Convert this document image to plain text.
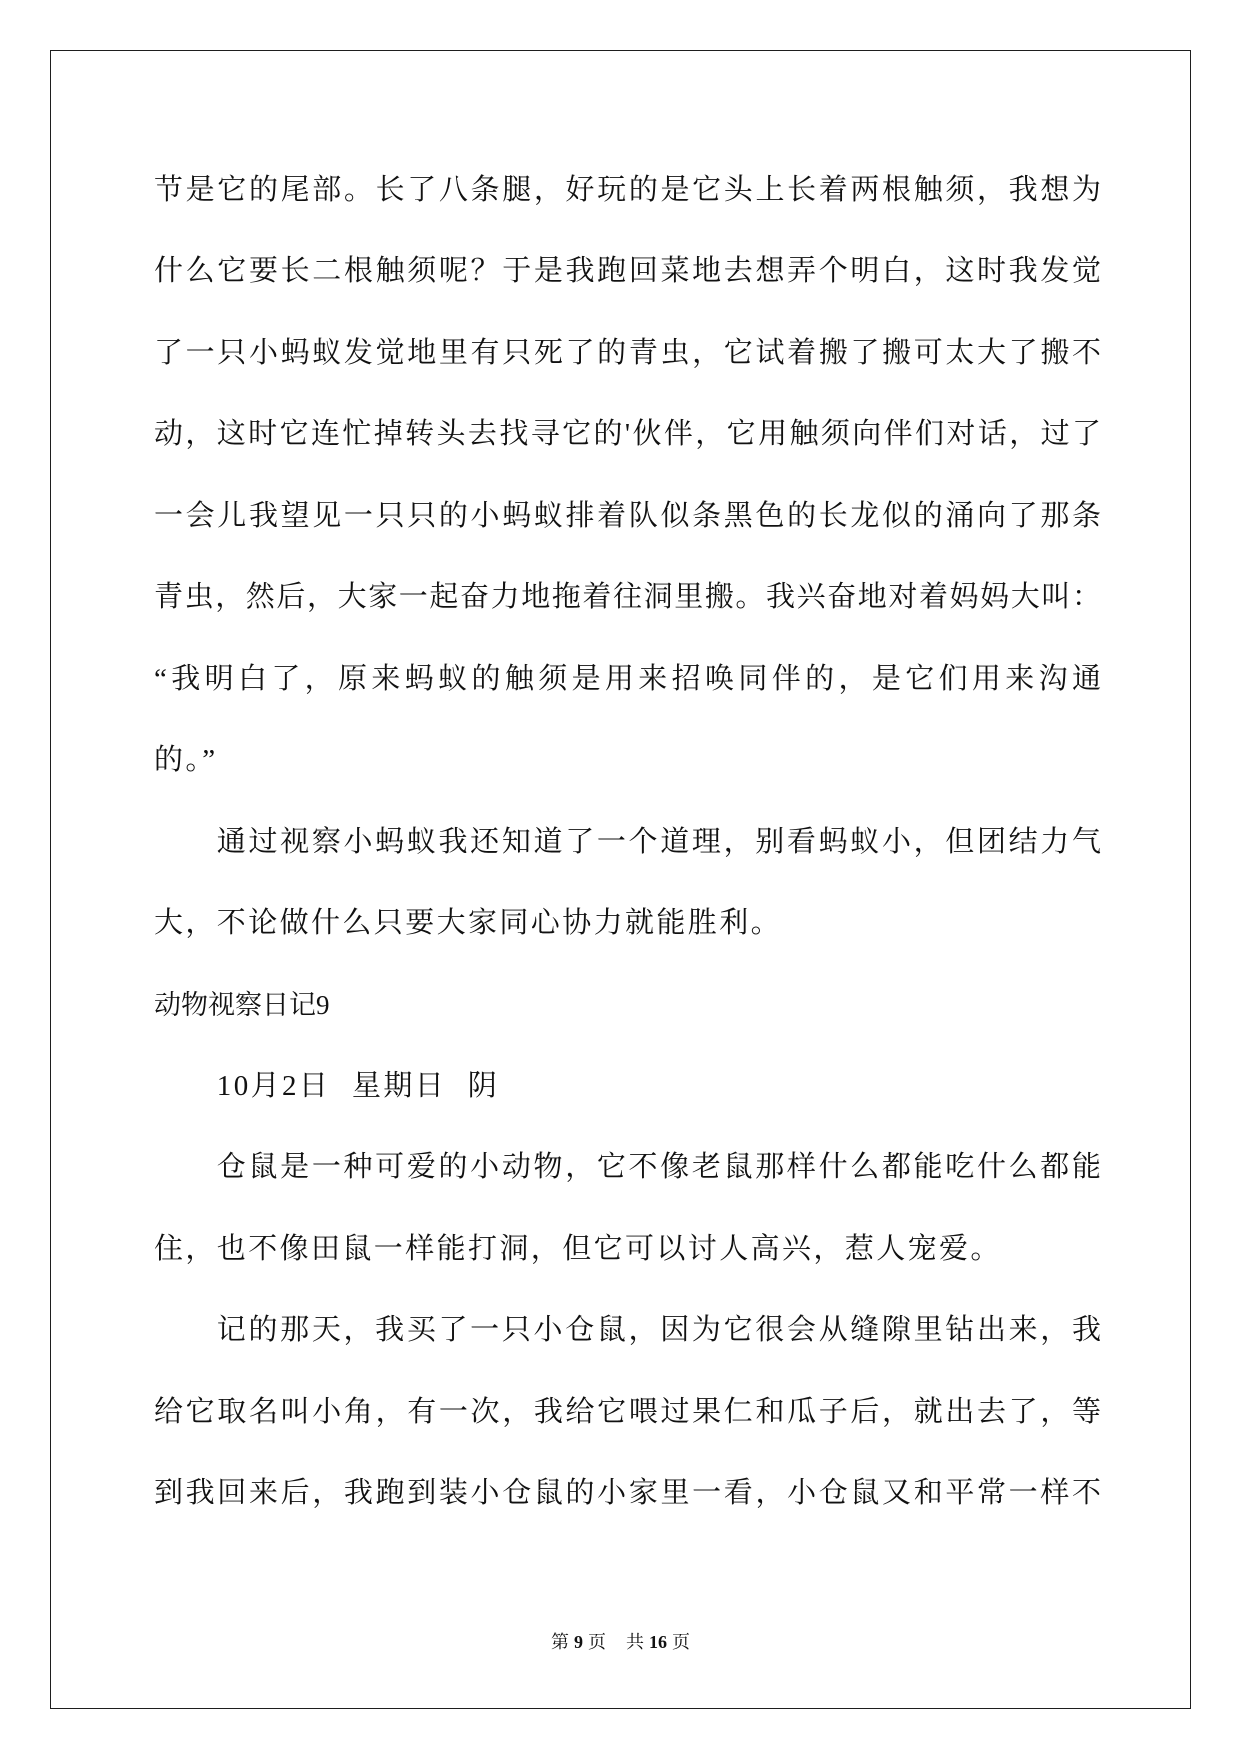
节是它的尾部。长了八条腿，好玩的是它头上长着两根触须，我想为
什么它要长二根触须呢？于是我跑回菜地去想弄个明白，这时我发觉
了一只小蚂蚁发觉地里有只死了的青虫，它试着搬了搬可太大了搬不
动，这时它连忙掉转头去找寻它的'伙伴，它用触须向伴们对话，过了
一会儿我望见一只只的小蚂蚁排着队似条黑色的长龙似的涌向了那条
青虫，然后，大家一起奋力地拖着往洞里搬。我兴奋地对着妈妈大叫：
“我明白了，原来蚂蚁的触须是用来招唤同伴的，是它们用来沟通
的。”
通过视察小蚂蚁我还知道了一个道理，别看蚂蚁小，但团结力气
大，不论做什么只要大家同心协力就能胜利。
动物视察日记9
10月2日 星期日 阴
仓鼠是一种可爱的小动物，它不像老鼠那样什么都能吃什么都能
住，也不像田鼠一样能打洞，但它可以讨人高兴，惹人宠爱。
记的那天，我买了一只小仓鼠，因为它很会从缝隙里钻出来，我
给它取名叫小角，有一次，我给它喂过果仁和瓜子后，就出去了，等
到我回来后，我跑到装小仓鼠的小家里一看，小仓鼠又和平常一样不
第 9 页 共 16 页
